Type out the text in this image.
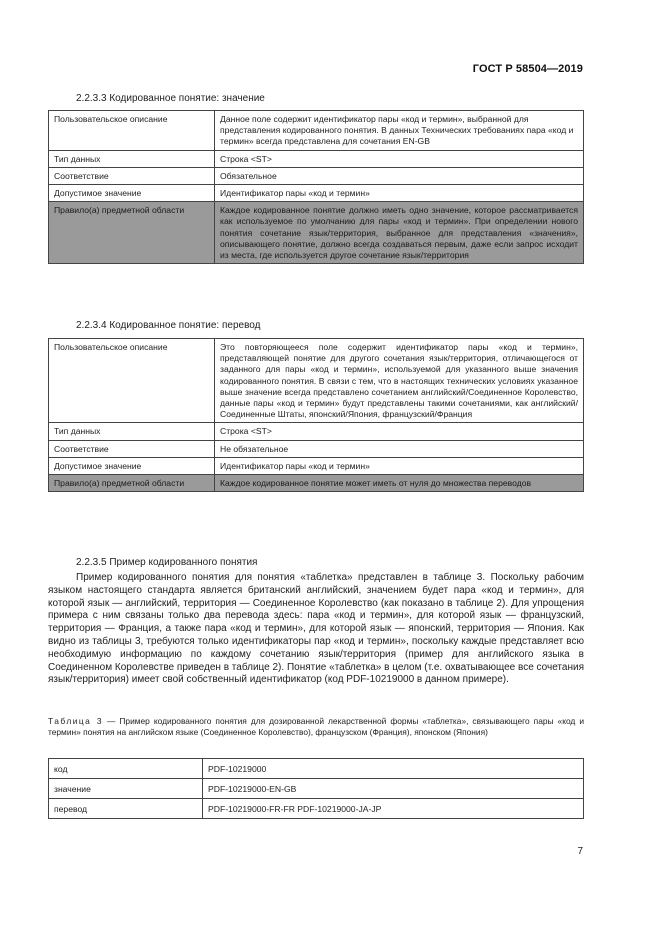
ГОСТ Р 58504—2019
2.2.3.3 Кодированное понятие: значение
Пользовательское описание	Данное поле содержит идентификатор пары «код и термин», выбранной для представления кодированного понятия. В данных Технических требованиях пара «код и термин» всегда представлена для сочетания EN-GB
Тип данных	Строка <ST>
Соответствие	Обязательное
Допустимое значение	Идентификатор пары «код и термин»
Правило(а) предметной области	Каждое кодированное понятие должно иметь одно значение, которое рассматривается как используемое по умолчанию для пары «код и термин». При определении нового понятия сочетание язык/территория, выбранное для представления «значения», описывающего понятие, должно всегда создаваться первым, даже если запрос исходит из места, где используется другое сочетание язык/территория
2.2.3.4 Кодированное понятие: перевод
Пользовательское описание	Это повторяющееся поле содержит идентификатор пары «код и термин», представляющей понятие для другого сочетания язык/территория, отличающегося от заданного для пары «код и термин», используемой для указанного выше значения кодированного понятия. В связи с тем, что в настоящих технических условиях указанное выше значение всегда представлено сочетанием английский/Соединенное Королевство, данные пары «код и термин» будут представлены такими сочетаниями, как английский/Соединенные Штаты, японский/Япония, французский/Франция
Тип данных	Строка <ST>
Соответствие	Не обязательное
Допустимое значение	Идентификатор пары «код и термин»
Правило(а) предметной области	Каждое кодированное понятие может иметь от нуля до множества переводов
2.2.3.5 Пример кодированного понятия

Пример кодированного понятия для понятия «таблетка» представлен в таблице 3. Поскольку рабочим языком настоящего стандарта является британский английский, значением будет пара «код и термин», для которой язык — английский, территория — Соединенное Королевство (как показано в таблице 2). Для упрощения примера с ним связаны только два перевода здесь: пара «код и термин», для которой язык — французский, территория — Франция, а также пара «код и термин», для которой язык — японский, территория — Япония. Как видно из таблицы 3, требуются только идентификаторы пар «код и термин», поскольку каждые представляет всю необходимую информацию по каждому сочетанию язык/территория (пример для английского языка в Соединенном Королевстве приведен в таблице 2). Понятие «таблетка» в целом (т.е. охватывающее все сочетания язык/территория) имеет свой собственный идентификатор (код PDF-10219000 в данном примере).

Таблица 3 — Пример кодированного понятия для дозированной лекарственной формы «таблетка», связывающего пары «код и термин» понятия на английском языке (Соединенное Королевство), французском (Франция), японском (Япония)
код	PDF-10219000
значение	PDF-10219000-EN-GB
перевод	PDF-10219000-FR-FR PDF-10219000-JA-JP
7
